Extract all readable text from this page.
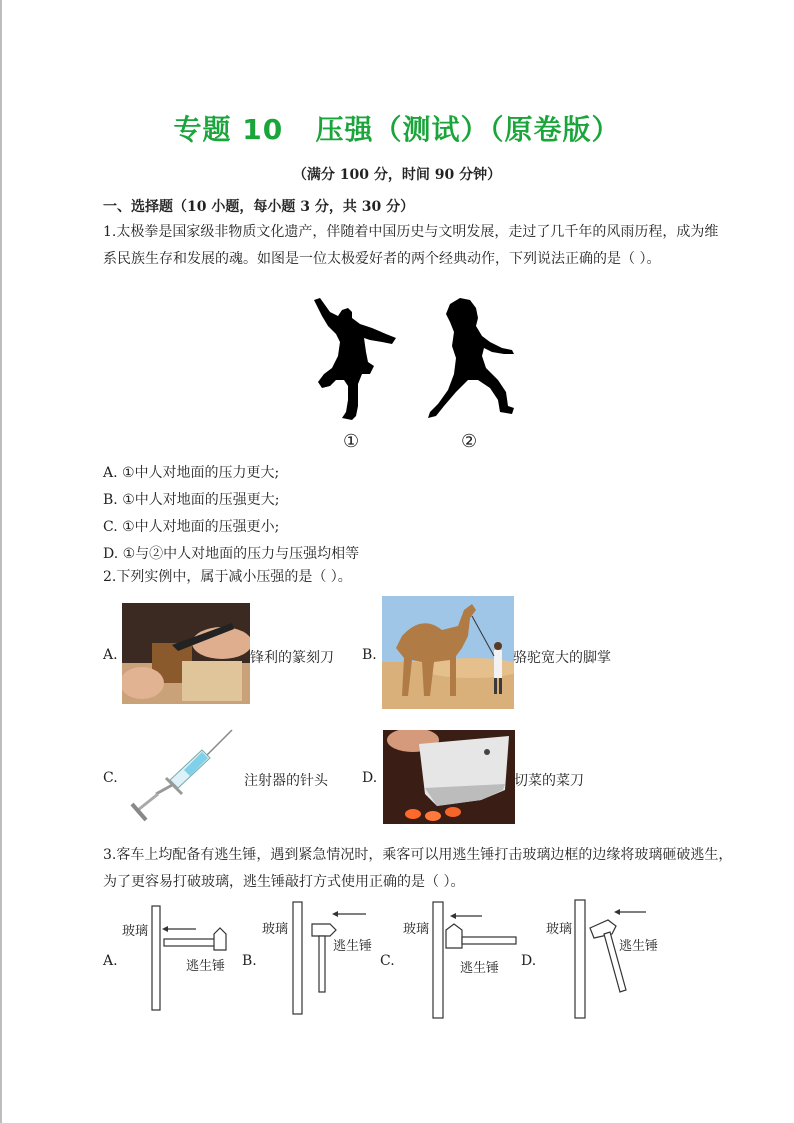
专题 10   压强（测试）（原卷版）
（满分 100 分，时间 90 分钟）
一、选择题（10 小题，每小题 3 分，共 30 分）
1.太极拳是国家级非物质文化遗产，伴随着中国历史与文明发展，走过了几千年的风雨历程，成为维
系民族生存和发展的魂。如图是一位太极爱好者的两个经典动作，下列说法正确的是（ ）。
①	②
A. ①中人对地面的压力更大;
B. ①中人对地面的压强更大;
C. ①中人对地面的压强更小;
D. ①与②中人对地面的压力与压强均相等
2.下列实例中，属于减小压强的是（ ）。
A.	锋利的篆刻刀 B.	骆驼宽大的脚掌
C.	注射器的针头 D.	切菜的菜刀
3.客车上均配备有逃生锤，遇到紧急情况时，乘客可以用逃生锤打击玻璃边框的边缘将玻璃砸破逃生，
为了更容易打破玻璃，逃生锤敲打方式使用正确的是（ ）。
玻璃
A.	逃生锤 B.
玻璃
逃生锤
C.
玻璃
逃生锤 D.
玻璃
逃生锤
